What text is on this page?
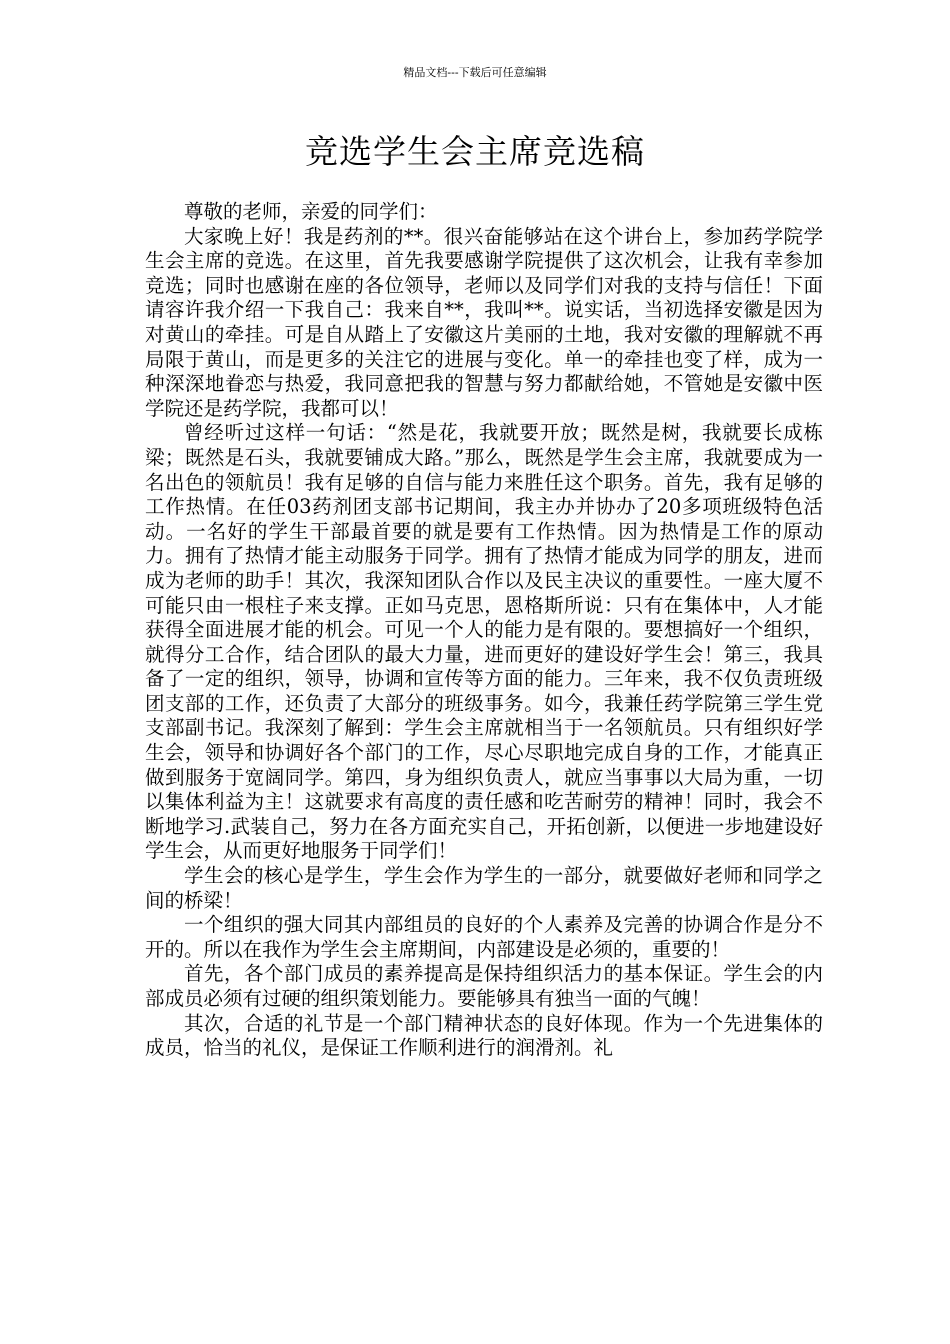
精品文档---下载后可任意编辑
竞选学生会主席竞选稿

尊敬的老师，亲爱的同学们：

大家晚上好！我是药剂的**。很兴奋能够站在这个讲台上，参加药学院学生会主席的竞选。在这里，首先我要感谢学院提供了这次机会，让我有幸参加竞选；同时也感谢在座的各位领导，老师以及同学们对我的支持与信任！下面请容许我介绍一下我自己：我来自**，我叫**。说实话，当初选择安徽是因为对黄山的牵挂。可是自从踏上了安徽这片美丽的土地，我对安徽的理解就不再局限于黄山，而是更多的关注它的进展与变化。单一的牵挂也变了样，成为一种深深地眷恋与热爱，我同意把我的智慧与努力都献给她，不管她是安徽中医学院还是药学院，我都可以！

曾经听过这样一句话：“然是花，我就要开放；既然是树，我就要长成栋梁；既然是石头，我就要铺成大路。”那么，既然是学生会主席，我就要成为一名出色的领航员！我有足够的自信与能力来胜任这个职务。首先，我有足够的工作热情。在任03药剂团支部书记期间，我主办并协办了20多项班级特色活动。一名好的学生干部最首要的就是要有工作热情。因为热情是工作的原动力。拥有了热情才能主动服务于同学。拥有了热情才能成为同学的朋友，进而成为老师的助手！其次，我深知团队合作以及民主决议的重要性。一座大厦不可能只由一根柱子来支撑。正如马克思，恩格斯所说：只有在集体中，人才能获得全面进展才能的机会。可见一个人的能力是有限的。要想搞好一个组织，就得分工合作，结合团队的最大力量，进而更好的建设好学生会！第三，我具备了一定的组织，领导，协调和宣传等方面的能力。三年来，我不仅负责班级团支部的工作，还负责了大部分的班级事务。如今，我兼任药学院第三学生党支部副书记。我深刻了解到：学生会主席就相当于一名领航员。只有组织好学生会，领导和协调好各个部门的工作，尽心尽职地完成自身的工作，才能真正做到服务于宽阔同学。第四，身为组织负责人，就应当事事以大局为重，一切以集体利益为主！这就要求有高度的责任感和吃苦耐劳的精神！同时，我会不断地学习.武装自己，努力在各方面充实自己，开拓创新，以便进一步地建设好学生会，从而更好地服务于同学们！

学生会的核心是学生，学生会作为学生的一部分，就要做好老师和同学之间的桥梁！

一个组织的强大同其内部组员的良好的个人素养及完善的协调合作是分不开的。所以在我作为学生会主席期间，内部建设是必须的，重要的！

首先，各个部门成员的素养提高是保持组织活力的基本保证。学生会的内部成员必须有过硬的组织策划能力。要能够具有独当一面的气魄！

其次，合适的礼节是一个部门精神状态的良好体现。作为一个先进集体的成员，恰当的礼仪，是保证工作顺利进行的润滑剂。礼
